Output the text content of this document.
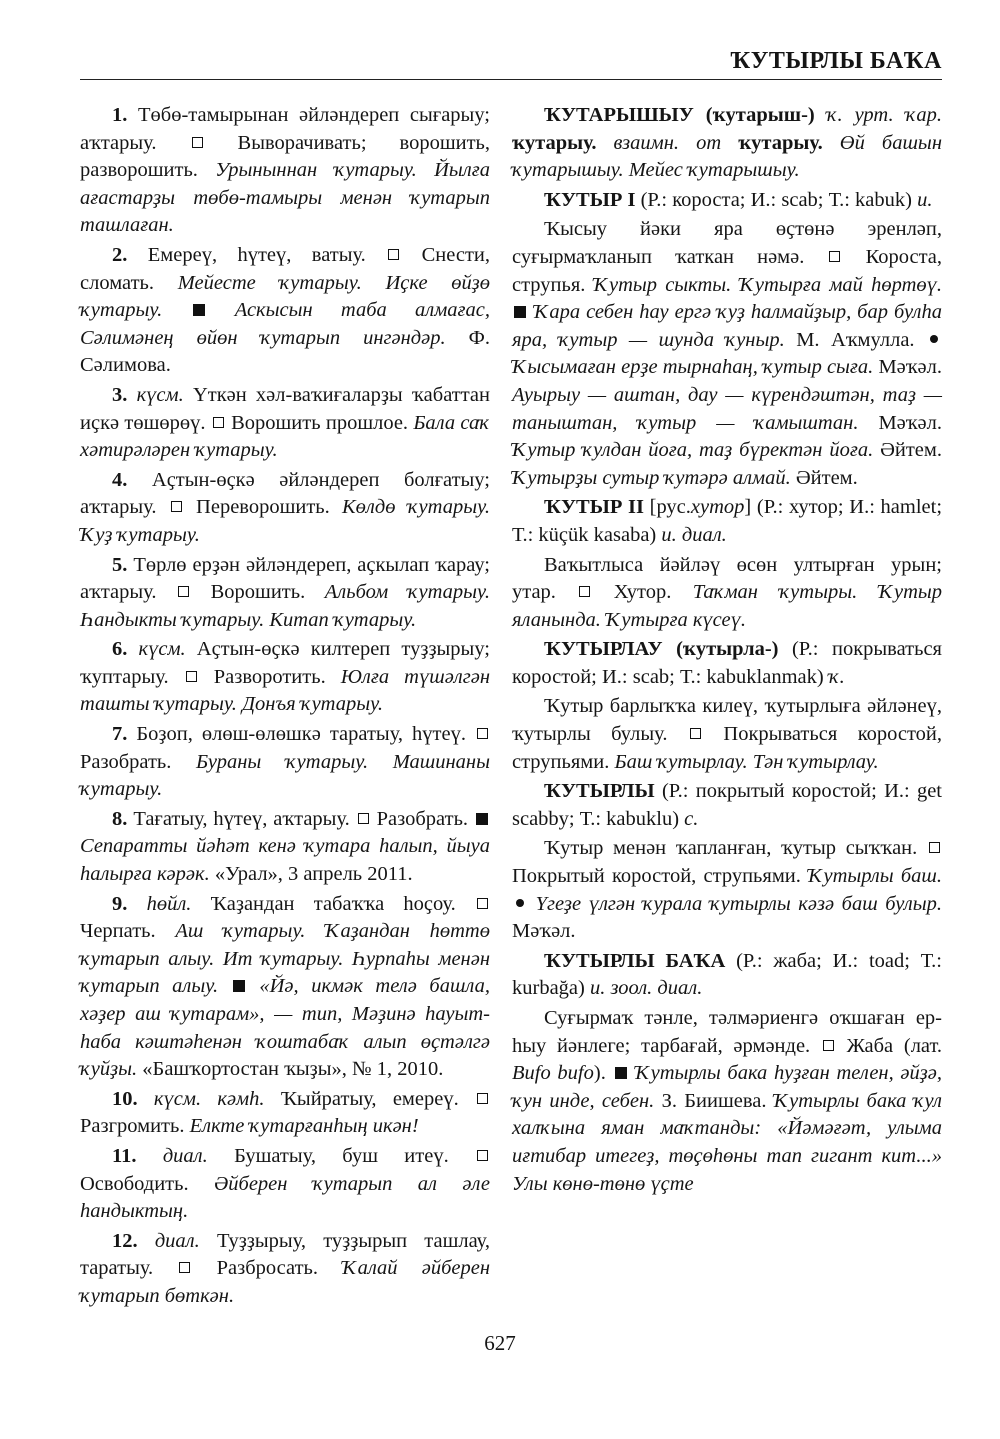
ҠУТЫРЛЫ БАҠА

1. Төбө-тамырынан әйләндереп сығарыу; аҡтарыу.	Выворачивать; ворошить, разворошить. Урыныннан ҡутарыу. Йылға ағастарҙы төбө-тамыры менән ҡутарып ташлаған.

2. Емереү, һүтеү, ватыу.	Снести, сломать. Мейесте ҡутарыу. Иҫке өйҙө ҡутарыу.	Аскысын таба алмағас, Сәлимәнең өйөн ҡутарып ингәндәр. Ф. Сәлимова.

3. күсм. Үткән хәл-ваҡиғаларҙы ҡабаттан иҫкә төшөрөү. Ворошить прошлое. Бала саҡ хәтирәләрен ҡутарыу.

4. Аҫтын-өҫкә әйләндереп болғатыу; аҡтарыу. Переворошить. Көлдө ҡутарыу. Ҡуҙ ҡутарыу.

5. Төрлө ерҙән әйләндереп, аҫкылап ҡарау; аҡтарыу.	Ворошить. Альбом ҡутарыу. Һандыкты ҡутарыу. Китап ҡутарыу.

6. күсм. Аҫтын-өҫкә килтереп туҙҙырыу; ҡуптарыу. Разворотить. Юлға түшәлгән ташты ҡутарыу. Донъя ҡутарыу.

7. Боҙоп, өлөш-өлөшкә таратыу, һүтеү.  Разобрать. Бураны ҡутарыу. Машинаны ҡутарыу.

8. Тағатыу, һүтеү, аҡтарыу. Разобрать.  Сепаратты йәһәт кенә ҡутара һалып, йыуа һалырға кәрәк. «Урал», 3 апрель 2011.

9. һөйл. Ҡаҙандан табаҡҡа һоҫоу.  Черпать. Аш ҡутарыу. Ҡаҙандан һөттө ҡутарып алыу. Ит ҡутарыу. Һурпаһы менән ҡутарып алыу. «Йә, икмәк телә башла, хәҙер аш ҡутарам», — тип, Мәҙинә һауыт-һаба кәштәһенән ҡоштабаҡ алып өҫтәлгә ҡуйҙы. «Башҡортостан ҡыҙы», № 1, 2010.

10. күсм. кәмһ. Ҡыйратыу, емереү.  Разгромить. Елкте ҡутарғанһың икән!

11. диал. Бушатыу, буш итеү.  Освободить. Әйберен ҡутарып ал әле һандыктың.

12. диал. Туҙҙырыу, туҙҙырып ташлау, таратыу.	Разбросать. Ҡалай әйберен ҡутарып бөткән.

ҠУТАРЫШЫУ (ҡутарыш-) ҡ. урт. ҡар. ҡутарыу. взаимн. от ҡутарыу. Өй башын ҡутарышыу. Мейес ҡутарышыу.

ҠУТЫР I (Р.: короста; И.: scab; Т.: kabuk) и.

Ҡысыу йәки яра өҫтөнә эренләп, суғырмаҡланып ҡаткан нәмә.	Короста, струпья. Ҡутыр сыкты. Ҡутырға май һөртөү.  Ҡара себен һау ергә ҡуҙ һалмайҙыр, бар булһа яра, ҡутыр — шунда ҡуныр. М. Аҡмулла.  Ҡысымаған ерҙе тырнаһаң, ҡутыр сыға. Мәҡәл. Ауырыу — аштан, дау — күрендәштән, таҙ — таныштан, ҡутыр — ҡамыштан. Мәҡәл. Ҡутыр ҡулдан йоға, таҙ бүректән йоға. Әйтем. Ҡутырҙы сутыр ҡутәрә алмай. Әйтем.

ҠУТЫР II [рус.хутор] (Р.: хутор; И.: hamlet; Т.: küçük kasaba) и. диал.

Ваҡытлыса йәйләү өсөн ултырған урын; утар.	Хутор. Таҡман ҡутыры. Ҡутыр яланында. Ҡутырға күсеү.

ҠУТЫРЛАУ (ҡутырла-) (Р.: покрываться коростой; И.: scab; Т.: kabuklanmak) ҡ.

Ҡутыр барлыҡҡа килеү, ҡутырлыға әйләнеү, ҡутырлы булыу.	Покрываться коростой, струпьями. Баш ҡутырлау. Тән ҡутырлау.

ҠУТЫРЛЫ (Р.: покрытый коростой; И.: get scabby; Т.: kabuklu) с.

Ҡутыр менән ҡапланған, ҡутыр сыҡҡан.  Покрытый коростой, струпьями. Ҡутырлы баш.  Үгеҙе үлгән ҡурала ҡутырлы кәзә баш булыр. Мәҡәл.

ҠУТЫРЛЫ БАҠА (Р.: жаба; И.: toad; Т.: kurbağa) и. зоол. диал.

Суғырмаҡ тәнле, тәлмәриенгә оҡшаған ер-һыу йәнлеге; тарбағай, әрмәнде. Жаба (лат. Bufo bufo). Ҡутырлы бака һуҙған телен, әйҙә, ҡун инде, себен. З. Биишева. Ҡутырлы бака ҡул халҡына яман маҡтанды: «Йәмәғәт, улыма иғтибар итегеҙ, төҫөһөны тап гигант кит...» Улы көнө-төнө үҫте

627
